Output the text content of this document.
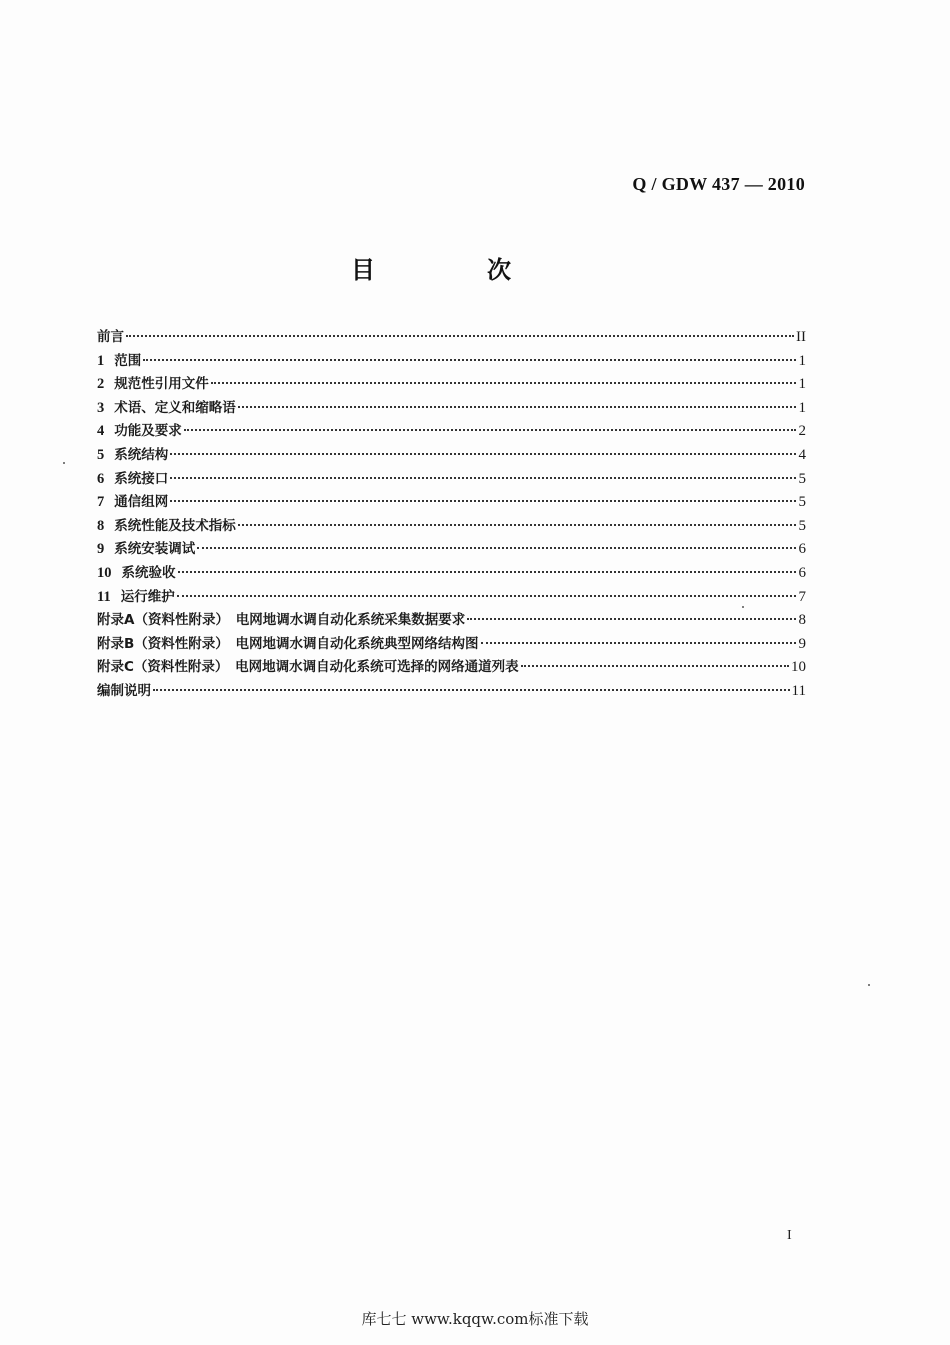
Q / GDW 437 — 2010
目　次
前言	II
1 范围	1
2 规范性引用文件	1
3 术语、定义和缩略语	1
4 功能及要求	2
5 系统结构	4
6 系统接口	5
7 通信组网	5
8 系统性能及技术指标	5
9 系统安装调试	6
10 系统验收	6
11 运行维护	7
附录A（资料性附录）　电网地调水调自动化系统采集数据要求	8
附录B（资料性附录）　电网地调水调自动化系统典型网络结构图	9
附录C（资料性附录）　电网地调水调自动化系统可选择的网络通道列表	10
编制说明	11
I
库七七 www.kqqw.com标准下载
